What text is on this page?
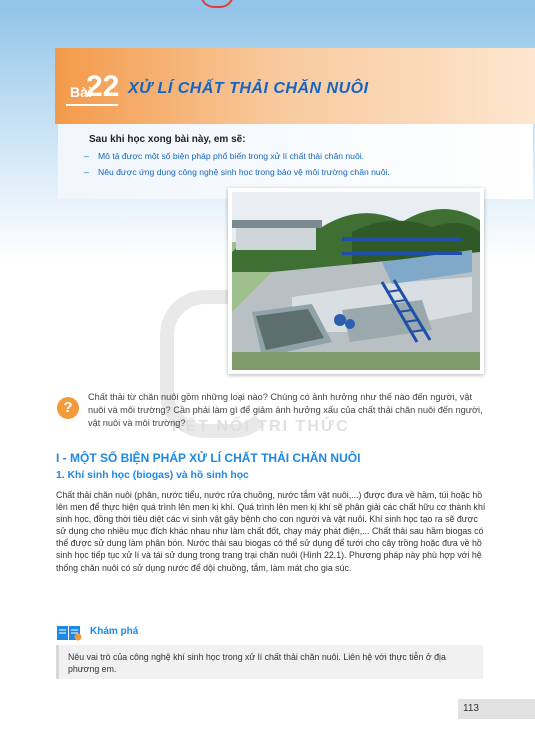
Bài
22 XỬ LÍ CHẤT THẢI CHĂN NUÔI
Sau khi học xong bài này, em sẽ:
– Mô tả được một số biện pháp phổ biến trong xử lí chất thải chăn nuôi.
– Nêu được ứng dụng công nghệ sinh học trong bảo vệ môi trường chăn nuôi.
KẾT NỐI TRI THỨC
?
Chất thải từ chăn nuôi gồm những loại nào? Chúng có ảnh hưởng như thế nào đến người, vật nuôi và môi trường? Cần phải làm gì để giảm ảnh hưởng xấu của chất thải chăn nuôi đến người, vật nuôi và môi trường?
I - MỘT SỐ BIỆN PHÁP XỬ LÍ CHẤT THẢI CHĂN NUÔI
1. Khí sinh học (biogas) và hồ sinh học
Chất thải chăn nuôi (phân, nước tiểu, nước rửa chuồng, nước tắm vật nuôi,...) được đưa về hầm, túi hoặc hồ lên men để thực hiện quá trình lên men kị khí. Quá trình lên men kị khí sẽ phân giải các chất hữu cơ thành khí sinh học, đồng thời tiêu diệt các vi sinh vật gây bệnh cho con người và vật nuôi. Khí sinh học tạo ra sẽ được sử dụng cho nhiều mục đích khác nhau như làm chất đốt, chạy máy phát điện,... Chất thải sau hầm biogas có thể được sử dụng làm phân bón. Nước thải sau biogas có thể sử dụng để tưới cho cây trồng hoặc đưa về hồ sinh học tiếp tục xử lí và tái sử dụng trong trang trại chăn nuôi (Hình 22.1). Phương pháp này phù hợp với hệ thống chăn nuôi có sử dụng nước để dội chuồng, tắm, làm mát cho gia súc.
Khám phá
Nêu vai trò của công nghệ khí sinh học trong xử lí chất thải chăn nuôi. Liên hệ với thực tiễn ở địa phương em.
113
